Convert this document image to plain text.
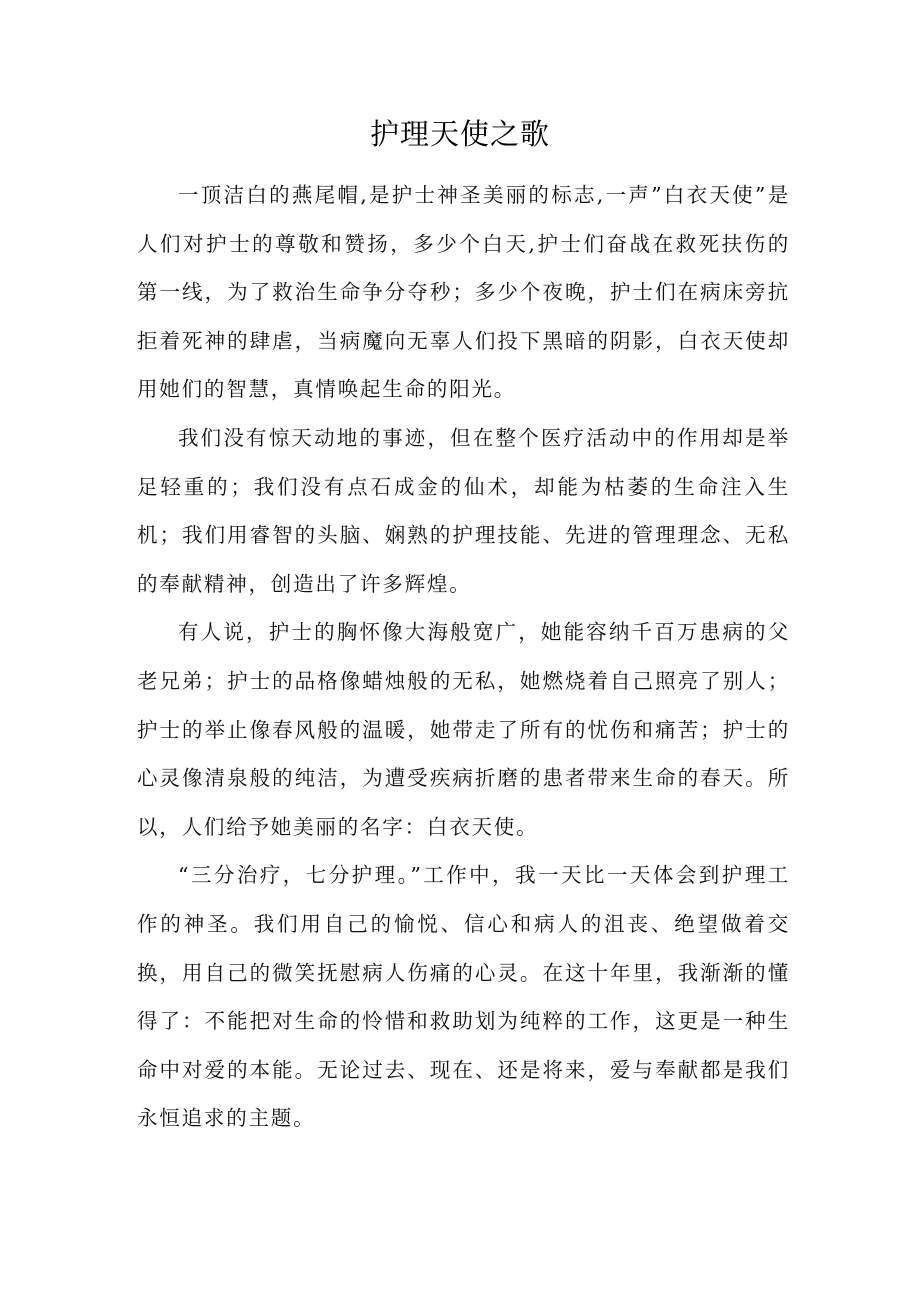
护理天使之歌

一顶洁白的燕尾帽,是护士神圣美丽的标志,一声”白衣天使”是人们对护士的尊敬和赞扬，多少个白天,护士们奋战在救死扶伤的第一线，为了救治生命争分夺秒；多少个夜晚，护士们在病床旁抗拒着死神的肆虐，当病魔向无辜人们投下黑暗的阴影，白衣天使却用她们的智慧，真情唤起生命的阳光。

我们没有惊天动地的事迹，但在整个医疗活动中的作用却是举足轻重的；我们没有点石成金的仙术，却能为枯萎的生命注入生机；我们用睿智的头脑、娴熟的护理技能、先进的管理理念、无私的奉献精神，创造出了许多辉煌。

有人说，护士的胸怀像大海般宽广，她能容纳千百万患病的父老兄弟；护士的品格像蜡烛般的无私，她燃烧着自己照亮了别人；护士的举止像春风般的温暖，她带走了所有的忧伤和痛苦；护士的心灵像清泉般的纯洁，为遭受疾病折磨的患者带来生命的春天。所以，人们给予她美丽的名字：白衣天使。

“三分治疗，七分护理。”工作中，我一天比一天体会到护理工作的神圣。我们用自己的愉悦、信心和病人的沮丧、绝望做着交换，用自己的微笑抚慰病人伤痛的心灵。在这十年里，我渐渐的懂得了：不能把对生命的怜惜和救助划为纯粹的工作，这更是一种生命中对爱的本能。无论过去、现在、还是将来，爱与奉献都是我们永恒追求的主题。
